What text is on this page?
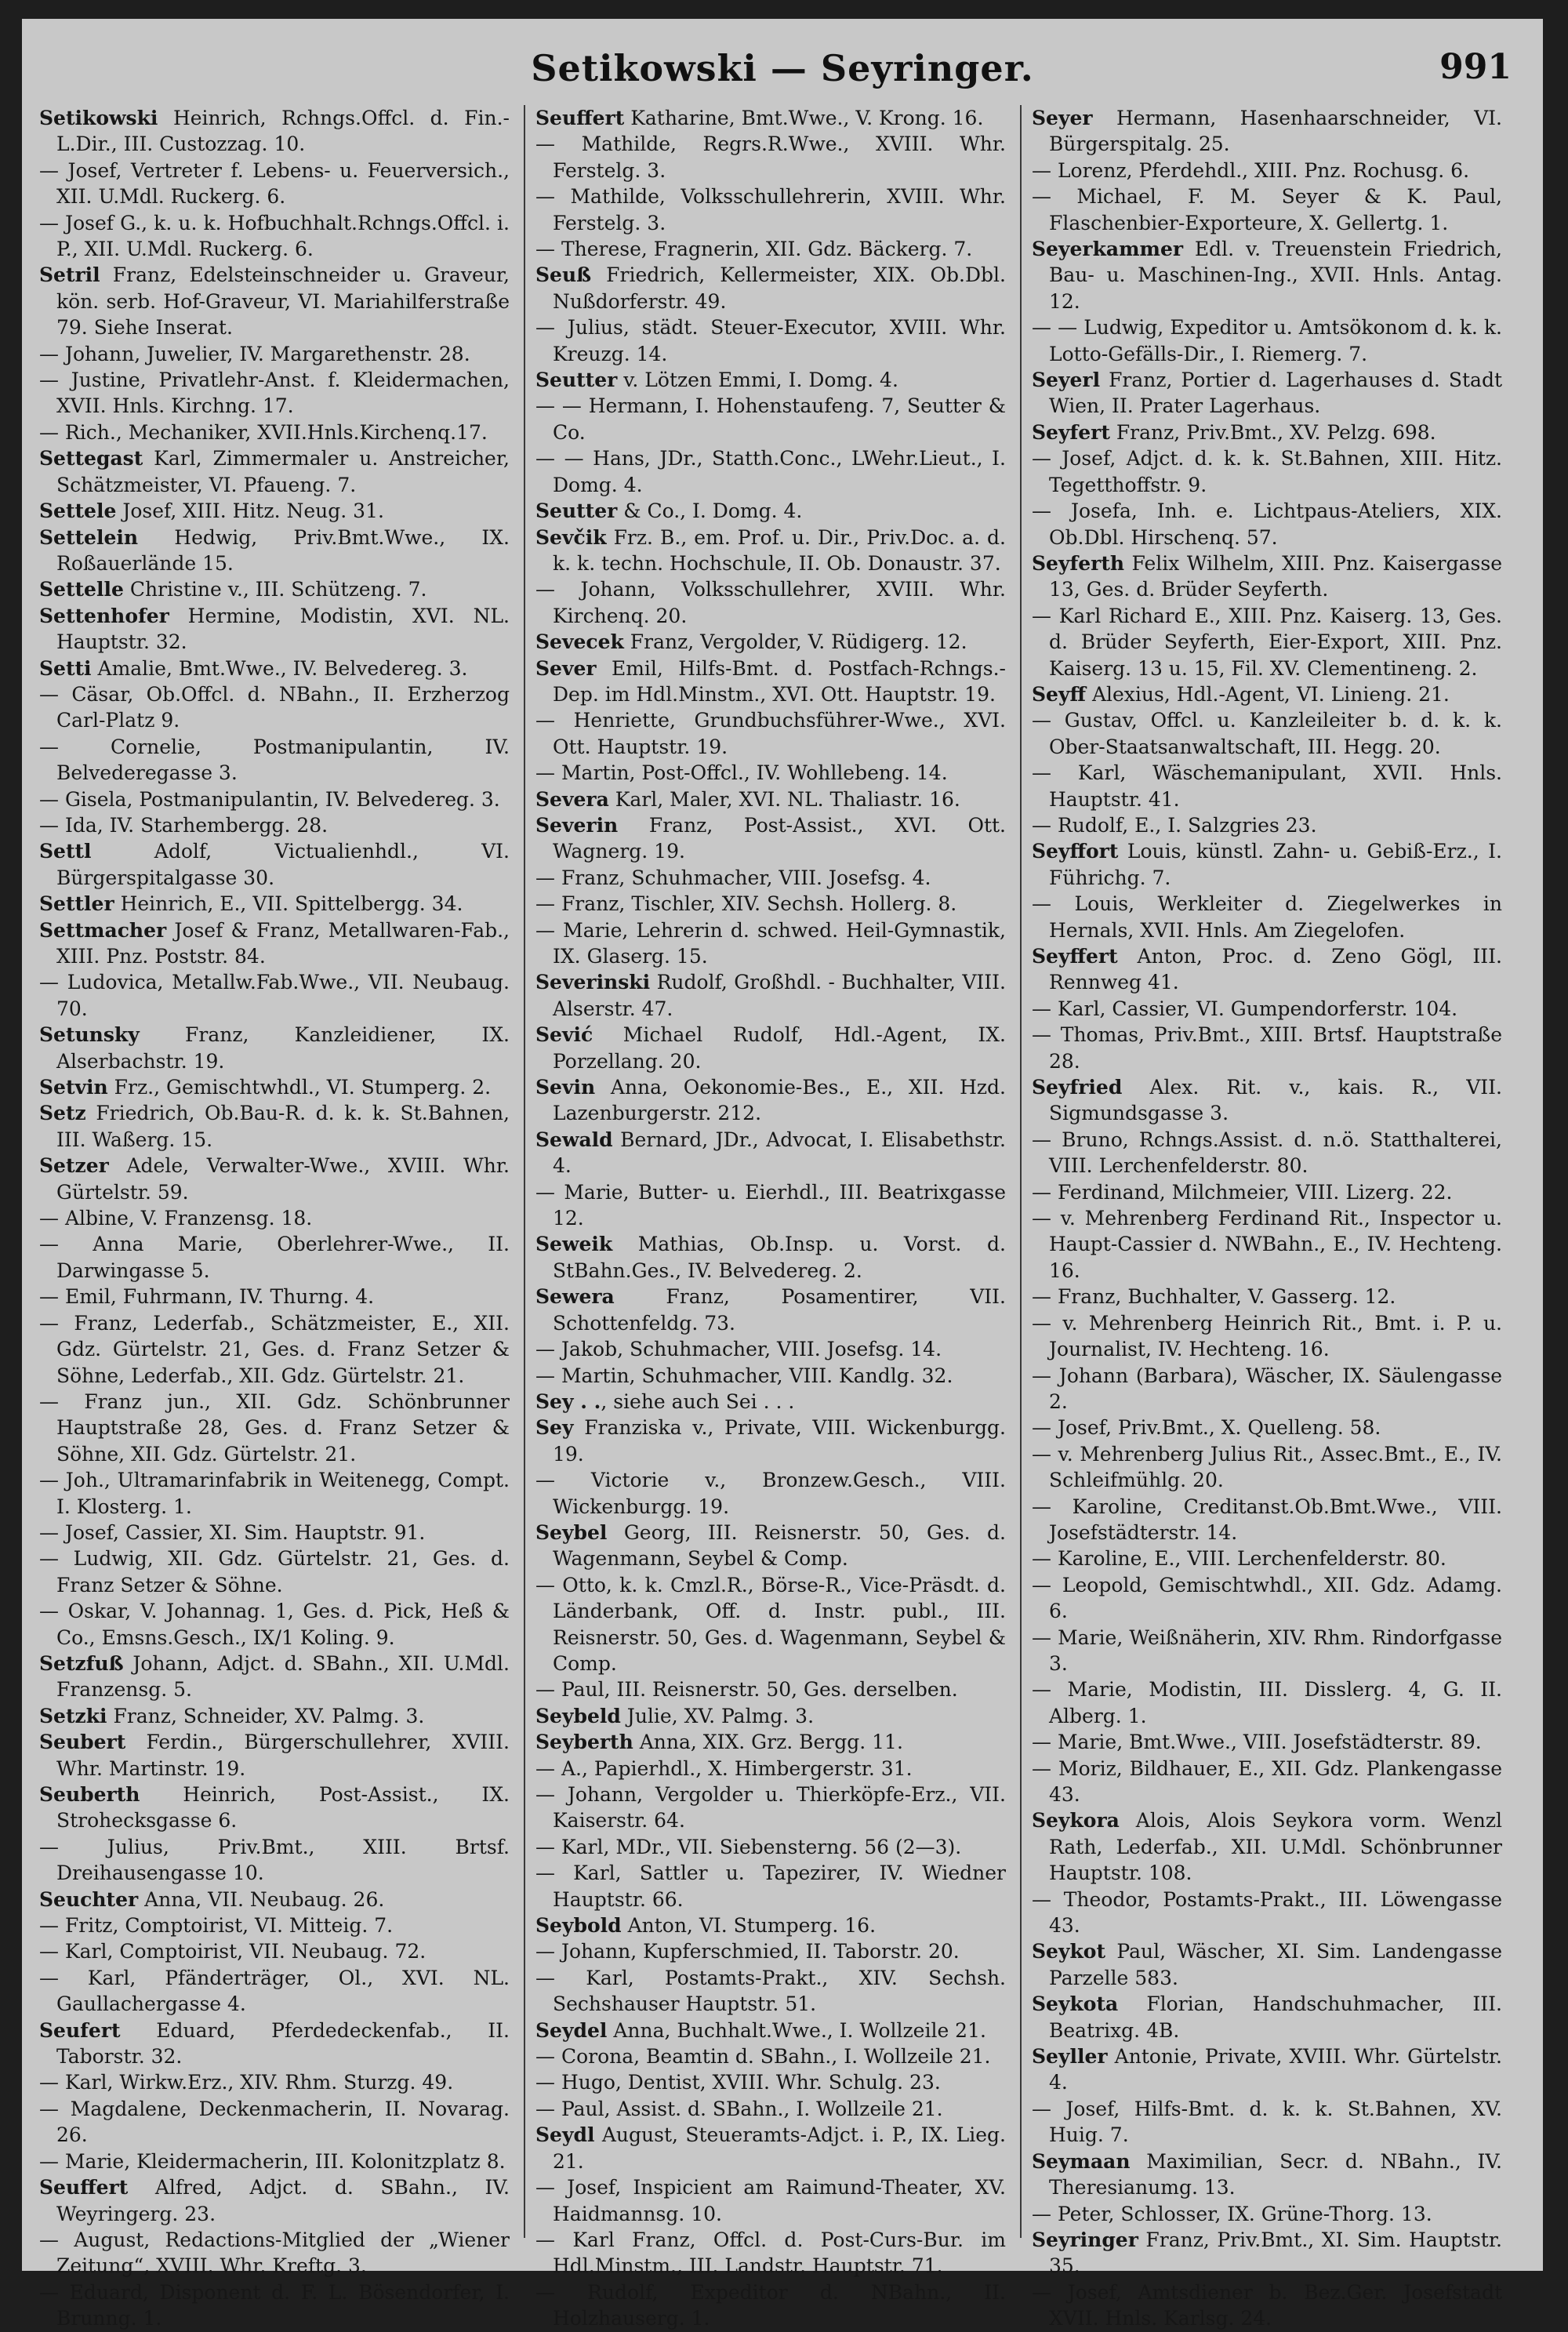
Setikowski — Seyringer.	991
Setikowski Heinrich, Rchngs.Offcl. d. Fin.-L.Dir., III. Custozzag. 10.
— Josef, Vertreter f. Lebens- u. Feuerversich., XII. U.Mdl. Ruckerg. 6.
— Josef G., k. u. k. Hofbuchhalt.Rchngs.Offcl. i. P., XII. U.Mdl. Ruckerg. 6.
Setril Franz, Edelsteinschneider u. Graveur, kön. serb. Hof-Graveur, VI. Mariahilferstraße 79. Siehe Inserat.
— Johann, Juwelier, IV. Margarethenstr. 28.
— Justine, Privatlehr-Anst. f. Kleidermachen, XVII. Hnls. Kirchng. 17.
— Rich., Mechaniker, XVII.Hnls.Kirchenq.17.
Settegast Karl, Zimmermaler u. Anstreicher, Schätzmeister, VI. Pfaueng. 7.
Settele Josef, XIII. Hitz. Neug. 31.
Settelein Hedwig, Priv.Bmt.Wwe., IX. Roßauerlände 15.
Settelle Christine v., III. Schützeng. 7.
Settenhofer Hermine, Modistin, XVI. NL. Hauptstr. 32.
Setti Amalie, Bmt.Wwe., IV. Belvedereg. 3.
— Cäsar, Ob.Offcl. d. NBahn., II. Erzherzog Carl-Platz 9.
— Cornelie, Postmanipulantin, IV. Belvederegasse 3.
— Gisela, Postmanipulantin, IV. Belvedereg. 3.
— Ida, IV. Starhembergg. 28.
Settl Adolf, Victualienhdl., VI. Bürgerspitalgasse 30.
Settler Heinrich, E., VII. Spittelbergg. 34.
Settmacher Josef & Franz, Metallwaren-Fab., XIII. Pnz. Poststr. 84.
— Ludovica, Metallw.Fab.Wwe., VII. Neubaug. 70.
Setunsky Franz, Kanzleidiener, IX. Alserbachstr. 19.
Setvin Frz., Gemischtwhdl., VI. Stumperg. 2.
Setz Friedrich, Ob.Bau-R. d. k. k. St.Bahnen, III. Waßerg. 15.
Setzer Adele, Verwalter-Wwe., XVIII. Whr. Gürtelstr. 59.
— Albine, V. Franzensg. 18.
— Anna Marie, Oberlehrer-Wwe., II. Darwingasse 5.
— Emil, Fuhrmann, IV. Thurng. 4.
— Franz, Lederfab., Schätzmeister, E., XII. Gdz. Gürtelstr. 21, Ges. d. Franz Setzer & Söhne, Lederfab., XII. Gdz. Gürtelstr. 21.
— Franz jun., XII. Gdz. Schönbrunner Hauptstraße 28, Ges. d. Franz Setzer & Söhne, XII. Gdz. Gürtelstr. 21.
— Joh., Ultramarinfabrik in Weitenegg, Compt. I. Klosterg. 1.
— Josef, Cassier, XI. Sim. Hauptstr. 91.
— Ludwig, XII. Gdz. Gürtelstr. 21, Ges. d. Franz Setzer & Söhne.
— Oskar, V. Johannag. 1, Ges. d. Pick, Heß & Co., Emsns.Gesch., IX/1 Koling. 9.
Setzfuß Johann, Adjct. d. SBahn., XII. U.Mdl. Franzensg. 5.
Setzki Franz, Schneider, XV. Palmg. 3.
Seubert Ferdin., Bürgerschullehrer, XVIII. Whr. Martinstr. 19.
Seuberth Heinrich, Post-Assist., IX. Strohecksgasse 6.
— Julius, Priv.Bmt., XIII. Brtsf. Dreihausengasse 10.
Seuchter Anna, VII. Neubaug. 26.
— Fritz, Comptoirist, VI. Mitteig. 7.
— Karl, Comptoirist, VII. Neubaug. 72.
— Karl, Pfänderträger, Ol., XVI. NL. Gaullachergasse 4.
Seufert Eduard, Pferdedeckenfab., II. Taborstr. 32.
— Karl, Wirkw.Erz., XIV. Rhm. Sturzg. 49.
— Magdalene, Deckenmacherin, II. Novarag. 26.
— Marie, Kleidermacherin, III. Kolonitzplatz 8.
Seuffert Alfred, Adjct. d. SBahn., IV. Weyringerg. 23.
— August, Redactions-Mitglied der „Wiener Zeitung“, XVIII. Whr. Kreftg. 3.
— Eduard, Disponent d. F. L. Bösendorfer, I. Brunng. 1.
Seuffert Katharine, Bmt.Wwe., V. Krong. 16.
— Mathilde, Regrs.R.Wwe., XVIII. Whr. Ferstelg. 3.
— Mathilde, Volksschullehrerin, XVIII. Whr. Ferstelg. 3.
— Therese, Fragnerin, XII. Gdz. Bäckerg. 7.
Seuß Friedrich, Kellermeister, XIX. Ob.Dbl. Nußdorferstr. 49.
— Julius, städt. Steuer-Executor, XVIII. Whr. Kreuzg. 14.
Seutter v. Lötzen Emmi, I. Domg. 4.
— — Hermann, I. Hohenstaufeng. 7, Seutter & Co.
— — Hans, JDr., Statth.Conc., LWehr.Lieut., I. Domg. 4.
Seutter & Co., I. Domg. 4.
Sevčik Frz. B., em. Prof. u. Dir., Priv.Doc. a. d. k. k. techn. Hochschule, II. Ob. Donaustr. 37.
— Johann, Volksschullehrer, XVIII. Whr. Kirchenq. 20.
Sevecek Franz, Vergolder, V. Rüdigerg. 12.
Sever Emil, Hilfs-Bmt. d. Postfach-Rchngs.-Dep. im Hdl.Minstm., XVI. Ott. Hauptstr. 19.
— Henriette, Grundbuchsführer-Wwe., XVI. Ott. Hauptstr. 19.
— Martin, Post-Offcl., IV. Wohllebeng. 14.
Severa Karl, Maler, XVI. NL. Thaliastr. 16.
Severin Franz, Post-Assist., XVI. Ott. Wagnerg. 19.
— Franz, Schuhmacher, VIII. Josefsg. 4.
— Franz, Tischler, XIV. Sechsh. Hollerg. 8.
— Marie, Lehrerin d. schwed. Heil-Gymnastik, IX. Glaserg. 15.
Severinski Rudolf, Großhdl. - Buchhalter, VIII. Alserstr. 47.
Sević Michael Rudolf, Hdl.-Agent, IX. Porzellang. 20.
Sevin Anna, Oekonomie-Bes., E., XII. Hzd. Lazenburgerstr. 212.
Sewald Bernard, JDr., Advocat, I. Elisabethstr. 4.
— Marie, Butter- u. Eierhdl., III. Beatrixgasse 12.
Seweik Mathias, Ob.Insp. u. Vorst. d. StBahn.Ges., IV. Belvedereg. 2.
Sewera Franz, Posamentirer, VII. Schottenfeldg. 73.
— Jakob, Schuhmacher, VIII. Josefsg. 14.
— Martin, Schuhmacher, VIII. Kandlg. 32.
Sey . ., siehe auch Sei . . .
Sey Franziska v., Private, VIII. Wickenburgg. 19.
— Victorie v., Bronzew.Gesch., VIII. Wickenburgg. 19.
Seybel Georg, III. Reisnerstr. 50, Ges. d. Wagenmann, Seybel & Comp.
— Otto, k. k. Cmzl.R., Börse-R., Vice-Präsdt. d. Länderbank, Off. d. Instr. publ., III. Reisnerstr. 50, Ges. d. Wagenmann, Seybel & Comp.
— Paul, III. Reisnerstr. 50, Ges. derselben.
Seybeld Julie, XV. Palmg. 3.
Seyberth Anna, XIX. Grz. Bergg. 11.
— A., Papierhdl., X. Himbergerstr. 31.
— Johann, Vergolder u. Thierköpfe-Erz., VII. Kaiserstr. 64.
— Karl, MDr., VII. Siebensterng. 56 (2—3).
— Karl, Sattler u. Tapezirer, IV. Wiedner Hauptstr. 66.
Seybold Anton, VI. Stumperg. 16.
— Johann, Kupferschmied, II. Taborstr. 20.
— Karl, Postamts-Prakt., XIV. Sechsh. Sechshauser Hauptstr. 51.
Seydel Anna, Buchhalt.Wwe., I. Wollzeile 21.
— Corona, Beamtin d. SBahn., I. Wollzeile 21.
— Hugo, Dentist, XVIII. Whr. Schulg. 23.
— Paul, Assist. d. SBahn., I. Wollzeile 21.
Seydl August, Steueramts-Adjct. i. P., IX. Lieg. 21.
— Josef, Inspicient am Raimund-Theater, XV. Haidmannsg. 10.
— Karl Franz, Offcl. d. Post-Curs-Bur. im Hdl.Minstm., III. Landstr. Hauptstr. 71.
— Rudolf, Expeditor d. NBahn., II. Holzhauserg. 1.
Seyer Hermann, Hasenhaarschneider, VI. Bürgerspitalg. 25.
— Lorenz, Pferdehdl., XIII. Pnz. Rochusg. 6.
— Michael, F. M. Seyer & K. Paul, Flaschenbier-Exporteure, X. Gellertg. 1.
Seyerkammer Edl. v. Treuenstein Friedrich, Bau- u. Maschinen-Ing., XVII. Hnls. Antag. 12.
— — Ludwig, Expeditor u. Amtsökonom d. k. k. Lotto-Gefälls-Dir., I. Riemerg. 7.
Seyerl Franz, Portier d. Lagerhauses d. Stadt Wien, II. Prater Lagerhaus.
Seyfert Franz, Priv.Bmt., XV. Pelzg. 698.
— Josef, Adjct. d. k. k. St.Bahnen, XIII. Hitz. Tegetthoffstr. 9.
— Josefa, Inh. e. Lichtpaus-Ateliers, XIX. Ob.Dbl. Hirschenq. 57.
Seyferth Felix Wilhelm, XIII. Pnz. Kaisergasse 13, Ges. d. Brüder Seyferth.
— Karl Richard E., XIII. Pnz. Kaiserg. 13, Ges. d. Brüder Seyferth, Eier-Export, XIII. Pnz. Kaiserg. 13 u. 15, Fil. XV. Clementineng. 2.
Seyff Alexius, Hdl.-Agent, VI. Linieng. 21.
— Gustav, Offcl. u. Kanzleileiter b. d. k. k. Ober-Staatsanwaltschaft, III. Hegg. 20.
— Karl, Wäschemanipulant, XVII. Hnls. Hauptstr. 41.
— Rudolf, E., I. Salzgries 23.
Seyffort Louis, künstl. Zahn- u. Gebiß-Erz., I. Führichg. 7.
— Louis, Werkleiter d. Ziegelwerkes in Hernals, XVII. Hnls. Am Ziegelofen.
Seyffert Anton, Proc. d. Zeno Gögl, III. Rennweg 41.
— Karl, Cassier, VI. Gumpendorferstr. 104.
— Thomas, Priv.Bmt., XIII. Brtsf. Hauptstraße 28.
Seyfried Alex. Rit. v., kais. R., VII. Sigmundsgasse 3.
— Bruno, Rchngs.Assist. d. n.ö. Statthalterei, VIII. Lerchenfelderstr. 80.
— Ferdinand, Milchmeier, VIII. Lizerg. 22.
— v. Mehrenberg Ferdinand Rit., Inspector u. Haupt-Cassier d. NWBahn., E., IV. Hechteng. 16.
— Franz, Buchhalter, V. Gasserg. 12.
— v. Mehrenberg Heinrich Rit., Bmt. i. P. u. Journalist, IV. Hechteng. 16.
— Johann (Barbara), Wäscher, IX. Säulengasse 2.
— Josef, Priv.Bmt., X. Quelleng. 58.
— v. Mehrenberg Julius Rit., Assec.Bmt., E., IV. Schleifmühlg. 20.
— Karoline, Creditanst.Ob.Bmt.Wwe., VIII. Josefstädterstr. 14.
— Karoline, E., VIII. Lerchenfelderstr. 80.
— Leopold, Gemischtwhdl., XII. Gdz. Adamg. 6.
— Marie, Weißnäherin, XIV. Rhm. Rindorfgasse 3.
— Marie, Modistin, III. Disslerg. 4, G. II. Alberg. 1.
— Marie, Bmt.Wwe., VIII. Josefstädterstr. 89.
— Moriz, Bildhauer, E., XII. Gdz. Plankengasse 43.
Seykora Alois, Alois Seykora vorm. Wenzl Rath, Lederfab., XII. U.Mdl. Schönbrunner Hauptstr. 108.
— Theodor, Postamts-Prakt., III. Löwengasse 43.
Seykot Paul, Wäscher, XI. Sim. Landengasse Parzelle 583.
Seykota Florian, Handschuhmacher, III. Beatrixg. 4B.
Seyller Antonie, Private, XVIII. Whr. Gürtelstr. 4.
— Josef, Hilfs-Bmt. d. k. k. St.Bahnen, XV. Huig. 7.
Seymaan Maximilian, Secr. d. NBahn., IV. Theresianumg. 13.
— Peter, Schlosser, IX. Grüne-Thorg. 13.
Seyringer Franz, Priv.Bmt., XI. Sim. Hauptstr. 35.
— Josef, Amtsdiener b. Bez.Ger. Josefstadt XVII. Hnls. Karlsg. 24.
